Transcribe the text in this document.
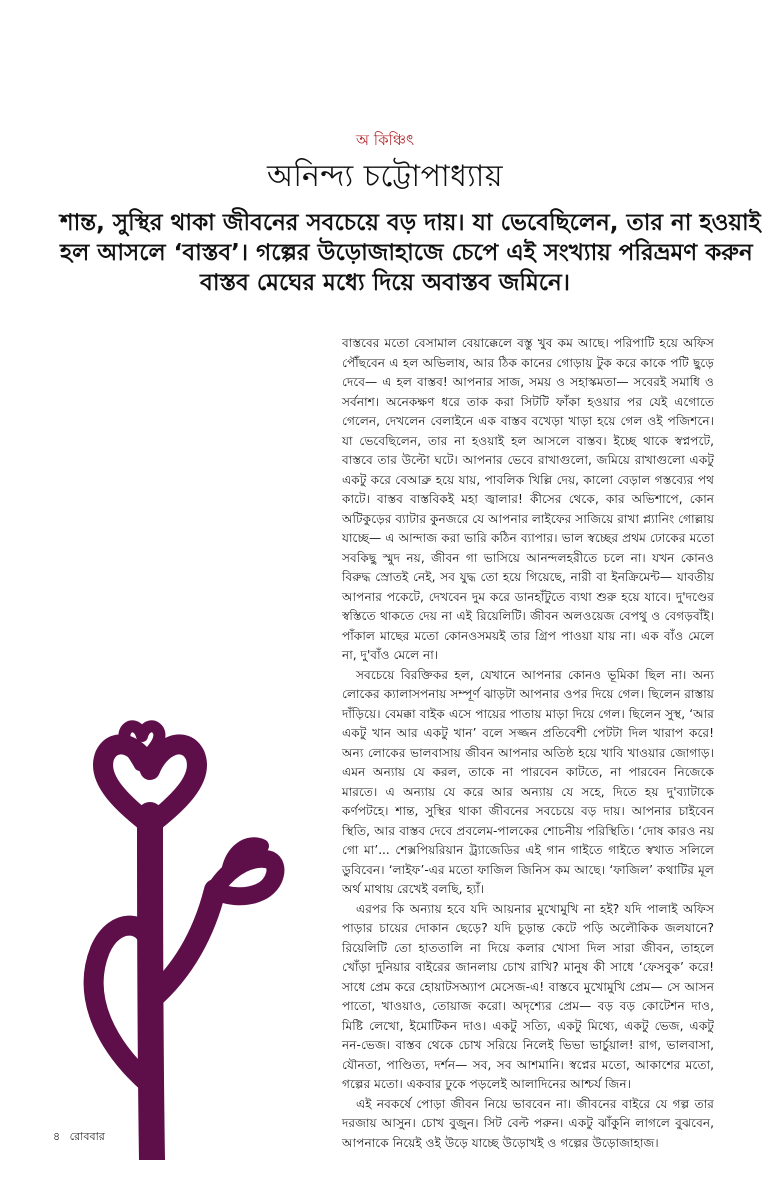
অ কিঞ্চিৎ
অনিন্দ্য চট্টোপাধ্যায়
শান্ত, সুস্থির থাকা জীবনের সবচেয়ে বড় দায়। যা ভেবেছিলেন, তার না হওয়াই
হল আসলে ‘বাস্তব’। গল্পের উড়োজাহাজে চেপে এই সংখ্যায় পরিভ্রমণ করুন
বাস্তব মেঘের মধ্যে দিয়ে অবাস্তব জমিনে।

বাস্তবের মতো বেসামাল বেয়াক্কেলে বস্তু খুব কম আছে। পরিপাটি হয়ে অফিস পৌঁছবেন এ হল অভিলাষ, আর ঠিক কানের গোড়ায় টুক করে কাকে পটি ছুড়ে দেবে— এ হল বাস্তব! আপনার সাজ, সময় ও সহাস্কমতা— সবেরই সমাধি ও সর্বনাশ। অনেকক্ষণ ধরে তাক করা সিটটি ফাঁকা হওয়ার পর যেই এগোতে গেলেন, দেখলেন বেলাইনে এক বাস্তব বখেড়া খাড়া হয়ে গেল ওই পজিশনে। যা ভেবেছিলেন, তার না হওয়াই হল আসলে বাস্তব। ইচ্ছে থাকে স্বপ্নপটে, বাস্তবে তার উল্টো ঘটে। আপনার ভেবে রাখাগুলো, জমিয়ে রাখাগুলো একটু একটু করে বেআব্রু হয়ে যায়, পাবলিক খিল্লি দেয়, কালো বেড়াল গস্তব্যের পথ কাটে। বাস্তব বাস্তবিকই মহা জ্বালার! কীসের থেকে, কার অভিশাপে, কোন অটিকুড়ের ব্যাটার কুনজরে যে আপনার লাইফের সাজিয়ে রাখা প্ল্যানিং গোল্লায় যাচ্ছে— এ আন্দাজ করা ভারি কঠিন ব্যাপার। ভাল স্বচ্ছের প্রথম ঢোকের মতো সবকিছু স্মুদ নয়, জীবন গা ভাসিয়ে আনন্দলহরীতে চলে না। যখন কোনও বিরুদ্ধ স্রোতই নেই, সব যুদ্ধ তো হয়ে গিয়েছে, নারী বা ইনক্রিমেন্ট— যাবতীয় আপনার পকেটে, দেখবেন দুম করে ডানহাঁটুতে ব্যথা শুরু হয়ে যাবে। দু'দণ্ডের স্বস্তিতে থাকতে দেয় না এই রিয়েলিটি। জীবন অলওয়েজ বেপথু ও বেগড়বাঁই। পাঁকাল মাছের মতো কোনওসময়ই তার গ্রিপ পাওয়া যায় না। এক বাঁও মেলে না, দু'বাঁও মেলে না।

সবচেয়ে বিরক্তিকর হল, যেখানে আপনার কোনও ভূমিকা ছিল না। অন্য লোকের ক্যালাসপনায় সম্পূর্ণ ঝাড়টা আপনার ওপর দিয়ে গেল। ছিলেন রাস্তায় দাঁড়িয়ে। বেমক্কা বাইক এসে পায়ের পাতায় মাড়া দিয়ে গেল। ছিলেন সুস্থ, ‘আর একটু খান আর একটু খান’ বলে সজ্জন প্রতিবেশী পেটটা দিল খারাপ করে! অন্য লোকের ভালবাসায় জীবন আপনার অতিষ্ঠ হয়ে খাবি খাওয়ার জোগাড়। এমন অন্যায় যে করল, তাকে না পারবেন কাটতে, না পারবেন নিজেকে মারতে। এ অন্যায় যে করে আর অন্যায় যে সহে, দিতে হয় দু'ব্যাটাকে কর্ণপটহে। শান্ত, সুস্থির থাকা জীবনের সবচেয়ে বড় দায়। আপনার চাইবেন স্থিতি, আর বাস্তব দেবে প্রবলেম-পালকের শোচনীয় পরিস্থিতি। ‘দোষ কারও নয় গো মা’... শেক্সপিয়রিয়ান ট্র্যাজেডির এই গান গাইতে গাইতে স্বখাত সলিলে ডুবিবেন। ‘লাইফ’-এর মতো ফাজিল জিনিস কম আছে। ‘ফাজিল’ কথাটির মূল অর্থ মাথায় রেখেই বলছি, হ্যাঁ।

এরপর কি অন্যায় হবে যদি আয়নার মুখোমুখি না হই? যদি পালাই অফিস পাড়ার চায়ের দোকান ছেড়ে? যদি চূড়ান্ত কেটে পড়ি অলৌকিক জলযানে? রিয়েলিটি তো হাততালি না দিয়ে কলার খোসা দিল সারা জীবন, তাহলে খোঁড়া দুনিয়ার বাইরের জানলায় চোখ রাখি? মানুষ কী সাধে ‘ফেসবুক’ করে! সাধে প্রেম করে হোয়াটসঅ্যাপ মেসেজ-এ! বাস্তবে মুখোমুখি প্রেম— সে আসন পাতো, খাওয়াও, তোয়াজ করো। অদৃশ্যের প্রেম— বড় বড় কোটেশন দাও, মিষ্টি লেখো, ইমোটিকন দাও। একটু সত্যি, একটু মিথ্যে, একটু ভেজ, একটু নন-ভেজ। বাস্তব থেকে চোখ সরিয়ে নিলেই ভিভা ভার্চুয়াল! রাগ, ভালবাসা, যৌনতা, পাণ্ডিত্য, দর্শন— সব, সব আশমানি। স্বপ্নের মতো, আকাশের মতো, গল্পের মতো। একবার ঢুকে পড়লেই আলাদিনের আশ্চর্য জিন।

এই নবকর্ষে পোড়া জীবন নিয়ে ভাববেন না। জীবনের বাইরে যে গল্প তার দরজায় আসুন। চোখ বুজুন। সিট বেল্ট পরুন। একটু ঝাঁকুনি লাগলে বুঝবেন, আপনাকে নিয়েই ওই উড়ে যাচ্ছে উড়োখই ও গল্পের উড়োজাহাজ।

৪ রোববার
